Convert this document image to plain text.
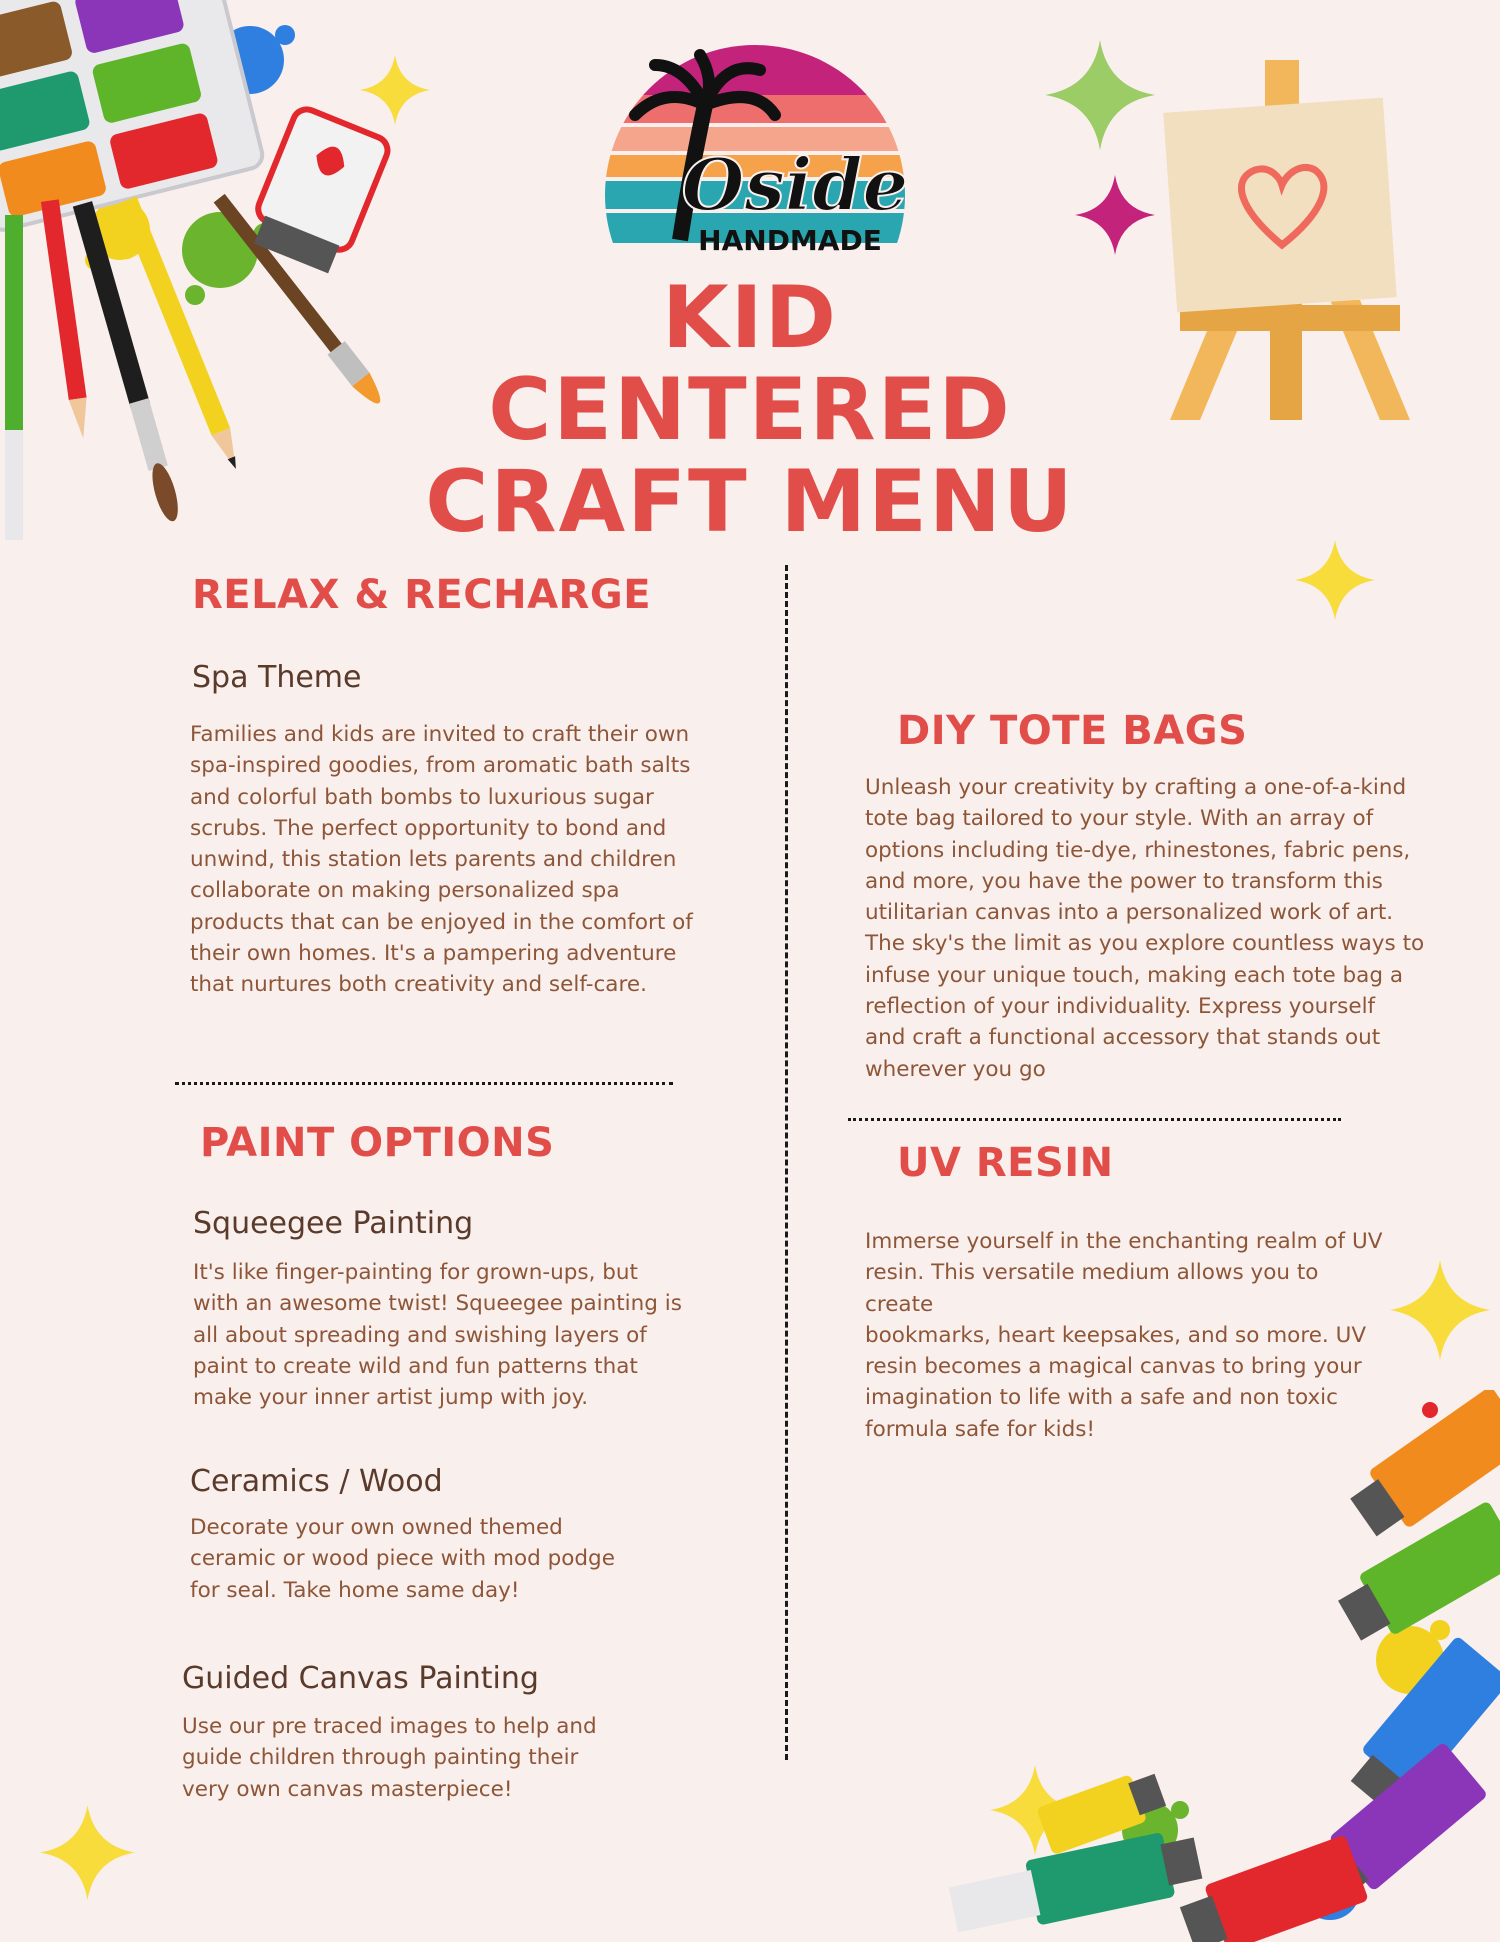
Oside
HANDMADE
KID CENTERED
CRAFT MENU
RELAX & RECHARGE
Spa Theme
Families and kids are invited to craft their own
spa-inspired goodies, from aromatic bath salts
and colorful bath bombs to luxurious sugar
scrubs. The perfect opportunity to bond and
unwind, this station lets parents and children
collaborate on making personalized spa
products that can be enjoyed in the comfort of
their own homes. It's a pampering adventure
that nurtures both creativity and self-care.
PAINT OPTIONS
Squeegee Painting
It's like finger-painting for grown-ups, but
with an awesome twist! Squeegee painting is
all about spreading and swishing layers of
paint to create wild and fun patterns that
make your inner artist jump with joy.
Ceramics / Wood
Decorate your own owned themed
ceramic or wood piece with mod podge
for seal. Take home same day!
Guided Canvas Painting
Use our pre traced images to help and
guide children through painting their
very own canvas masterpiece!
DIY TOTE BAGS
Unleash your creativity by crafting a one-of-a-kind
tote bag tailored to your style. With an array of
options including tie-dye, rhinestones, fabric pens,
and more, you have the power to transform this
utilitarian canvas into a personalized work of art.
The sky's the limit as you explore countless ways to
infuse your unique touch, making each tote bag a
reflection of your individuality. Express yourself
and craft a functional accessory that stands out
wherever you go
UV RESIN
Immerse yourself in the enchanting realm of UV
resin. This versatile medium allows you to create
bookmarks, heart keepsakes, and so more. UV
resin becomes a magical canvas to bring your
imagination to life with a safe and non toxic
formula safe for kids!
